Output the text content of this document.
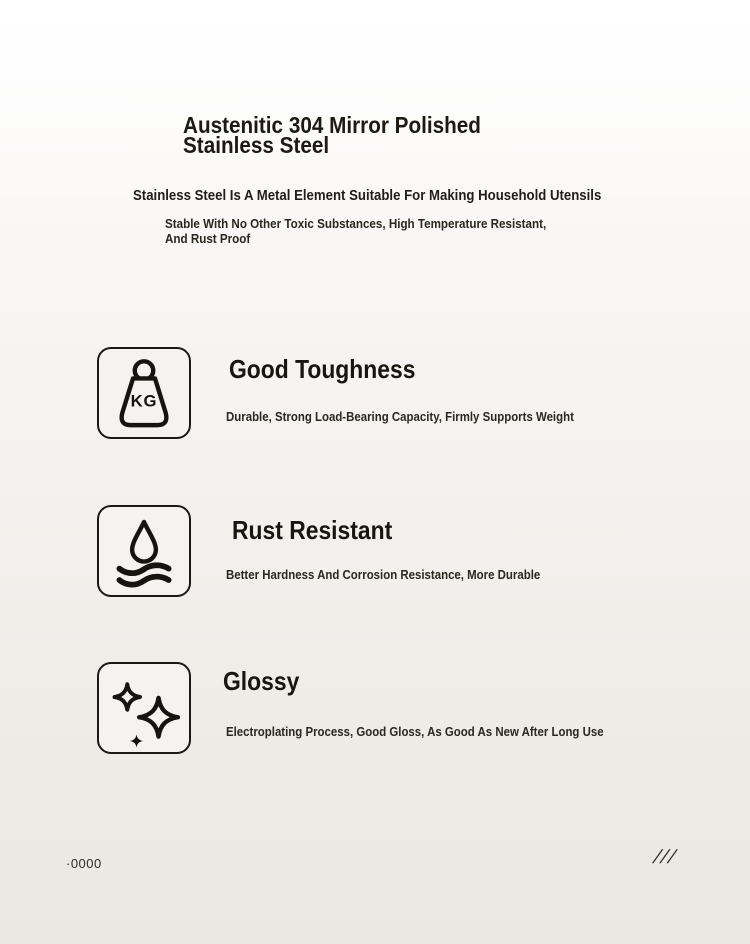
Austenitic 304 Mirror Polished
Stainless Steel

Stainless Steel Is A Metal Element Suitable For Making Household Utensils

Stable With No Other Toxic Substances, High Temperature Resistant,
And Rust Proof

KG
Good Toughness

Durable, Strong Load-Bearing Capacity, Firmly Supports Weight

Rust Resistant

Better Hardness And Corrosion Resistance, More Durable

Glossy

Electroplating Process, Good Gloss, As Good As New After Long Use

·0000	///
